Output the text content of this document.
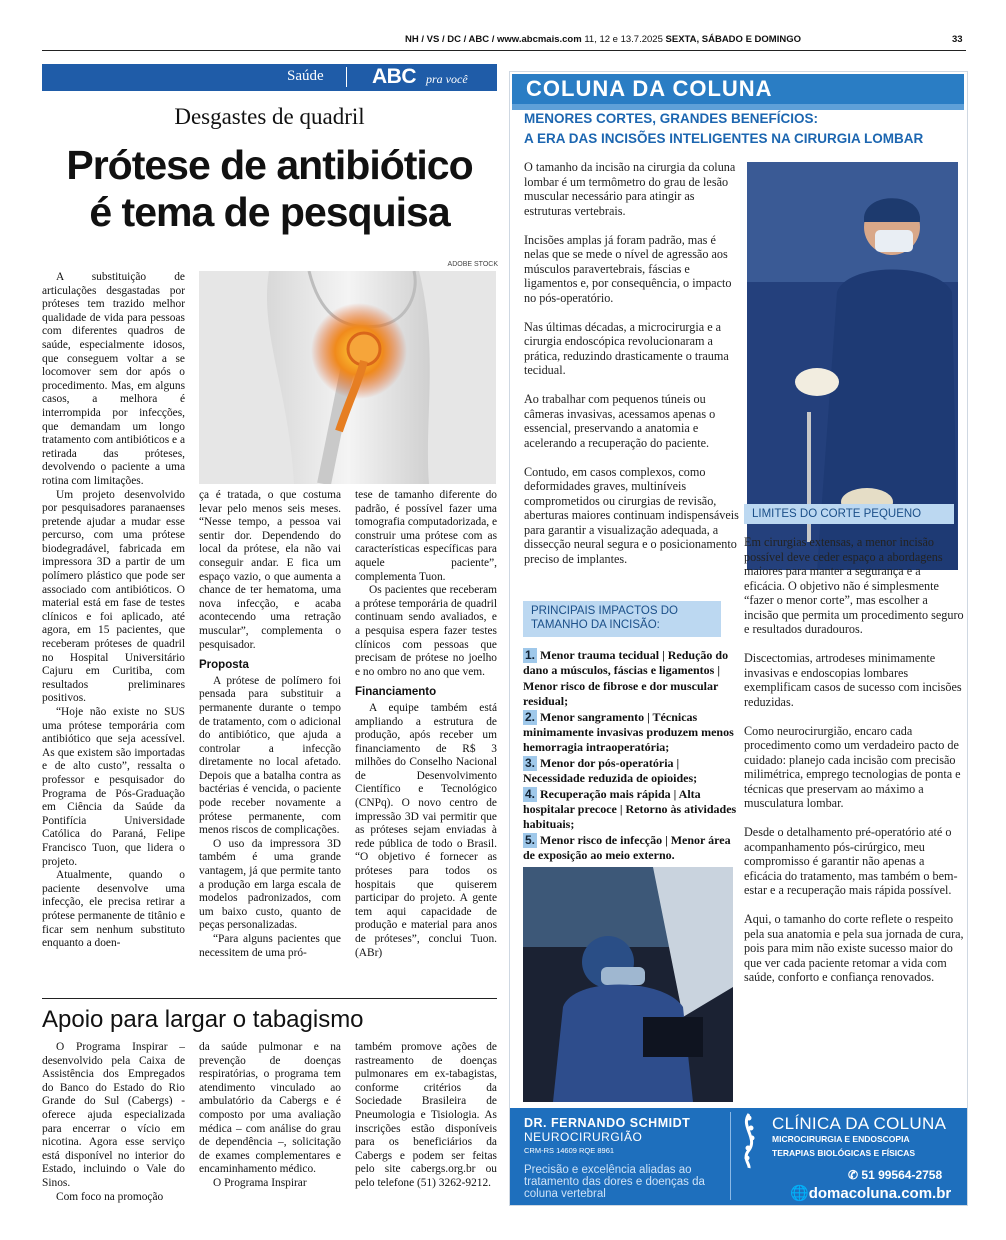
NH / VS / DC / ABC / www.abcmais.com 11, 12 e 13.7.2025 SEXTA, SÁBADO E DOMINGO	33
Saúde ABC pra você
Desgastes de quadril
Prótese de antibiótico
é tema de pesquisa
ADOBE STOCK

A substituição de articulações desgastadas por próteses tem trazido melhor qualidade de vida para pessoas com diferentes quadros de saúde, especialmente idosos, que conseguem voltar a se locomover sem dor após o procedimento. Mas, em alguns casos, a melhora é interrompida por infecções, que demandam um longo tratamento com antibióticos e a retirada das próteses, devolvendo o paciente a uma rotina com limitações.

Um projeto desenvolvido por pesquisadores paranaenses pretende ajudar a mudar esse percurso, com uma prótese biodegradável, fabricada em impressora 3D a partir de um polímero plástico que pode ser associado com antibióticos. O material está em fase de testes clínicos e foi aplicado, até agora, em 15 pacientes, que receberam próteses de quadril no Hospital Universitário Cajuru em Curitiba, com resultados preliminares positivos.

“Hoje não existe no SUS uma prótese temporária com antibiótico que seja acessível. As que existem são importadas e de alto custo”, ressalta o professor e pesquisador do Programa de Pós-Graduação em Ciência da Saúde da Pontifícia Universidade Católica do Paraná, Felipe Francisco Tuon, que lidera o projeto.

Atualmente, quando o paciente desenvolve uma infecção, ele precisa retirar a prótese permanente de titânio e ficar sem nenhum substituto enquanto a doen-

ça é tratada, o que costuma levar pelo menos seis meses. “Nesse tempo, a pessoa vai sentir dor. Dependendo do local da prótese, ela não vai conseguir andar. E fica um espaço vazio, o que aumenta a chance de ter hematoma, uma nova infecção, e acaba acontecendo uma retração muscular”, complementa o pesquisador.

Proposta

A prótese de polímero foi pensada para substituir a permanente durante o tempo de tratamento, com o adicional do antibiótico, que ajuda a controlar a infecção diretamente no local afetado. Depois que a batalha contra as bactérias é vencida, o paciente pode receber novamente a prótese permanente, com menos riscos de complicações.

O uso da impressora 3D também é uma grande vantagem, já que permite tanto a produção em larga escala de modelos padronizados, com um baixo custo, quanto de peças personalizadas.

“Para alguns pacientes que necessitem de uma pró-

tese de tamanho diferente do padrão, é possível fazer uma tomografia computadorizada, e construir uma prótese com as características específicas para aquele paciente”, complementa Tuon.

Os pacientes que receberam a prótese temporária de quadril continuam sendo avaliados, e a pesquisa espera fazer testes clínicos com pessoas que precisam de prótese no joelho e no ombro no ano que vem.

Financiamento

A equipe também está ampliando a estrutura de produção, após receber um financiamento de R$ 3 milhões do Conselho Nacional de Desenvolvimento Científico e Tecnológico (CNPq). O novo centro de impressão 3D vai permitir que as próteses sejam enviadas à rede pública de todo o Brasil. “O objetivo é fornecer as próteses para todos os hospitais que quiserem participar do projeto. A gente tem aqui capacidade de produção e material para anos de próteses”, conclui Tuon. (ABr)

Apoio para largar o tabagismo

O Programa Inspirar – desenvolvido pela Caixa de Assistência dos Empregados do Banco do Estado do Rio Grande do Sul (Cabergs) - oferece ajuda especializada para encerrar o vício em nicotina. Agora esse serviço está disponível no interior do Estado, incluindo o Vale do Sinos.

Com foco na promoção

da saúde pulmonar e na prevenção de doenças respiratórias, o programa tem atendimento vinculado ao ambulatório da Cabergs e é composto por uma avaliação médica – com análise do grau de dependência –, solicitação de exames complementares e encaminhamento médico.

O Programa Inspirar

também promove ações de rastreamento de doenças pulmonares em ex-tabagistas, conforme critérios da Sociedade Brasileira de Pneumologia e Tisiologia. As inscrições estão disponíveis para os beneficiários da Cabergs e podem ser feitas pelo site cabergs.org.br ou pelo telefone (51) 3262-9212.

COLUNA DA COLUNA
MENORES CORTES, GRANDES BENEFÍCIOS:
A ERA DAS INCISÕES INTELIGENTES NA CIRURGIA LOMBAR

O tamanho da incisão na cirurgia da coluna lombar é um termômetro do grau de lesão muscular necessário para atingir as estruturas vertebrais.

Incisões amplas já foram padrão, mas é nelas que se mede o nível de agressão aos músculos paravertebrais, fáscias e ligamentos e, por consequência, o impacto no pós-operatório.

Nas últimas décadas, a microcirurgia e a cirurgia endoscópica revolucionaram a prática, reduzindo drasticamente o trauma tecidual.

Ao trabalhar com pequenos túneis ou câmeras invasivas, acessamos apenas o essencial, preservando a anatomia e acelerando a recuperação do paciente.

Contudo, em casos complexos, como deformidades graves, multiníveis comprometidos ou cirurgias de revisão, aberturas maiores continuam indispensáveis para garantir a visualização adequada, a dissecção neural segura e o posicionamento preciso de implantes.

LIMITES DO CORTE PEQUENO
PRINCIPAIS IMPACTOS DO TAMANHO DA INCISÃO:

1. Menor trauma tecidual | Redução do dano a músculos, fáscias e ligamentos | Menor risco de fibrose e dor muscular residual;

2. Menor sangramento | Técnicas minimamente invasivas produzem menos hemorragia intraoperatória;

3. Menor dor pós-operatória | Necessidade reduzida de opioides;

4. Recuperação mais rápida | Alta hospitalar precoce | Retorno às atividades habituais;

5. Menor risco de infecção | Menor área de exposição ao meio externo.

Em cirurgias extensas, a menor incisão possível deve ceder espaço a abordagens maiores para manter a segurança e a eficácia. O objetivo não é simplesmente “fazer o menor corte”, mas escolher a incisão que permita um procedimento seguro e resultados duradouros.

Discectomias, artrodeses minimamente invasivas e endoscopias lombares exemplificam casos de sucesso com incisões reduzidas.

Como neurocirurgião, encaro cada procedimento como um verdadeiro pacto de cuidado: planejo cada incisão com precisão milimétrica, emprego tecnologias de ponta e técnicas que preservam ao máximo a musculatura lombar.

Desde o detalhamento pré-operatório até o acompanhamento pós-cirúrgico, meu compromisso é garantir não apenas a eficácia do tratamento, mas também o bem-estar e a recuperação mais rápida possível.

Aqui, o tamanho do corte reflete o respeito pela sua anatomia e pela sua jornada de cura, pois para mim não existe sucesso maior do que ver cada paciente retomar a vida com saúde, conforto e confiança renovados.

DR. FERNANDO SCHMIDT
NEUROCIRURGIÃO
CRM-RS 14609 RQE 8961
Precisão e excelência aliadas ao tratamento das dores e doenças da coluna vertebral
CLÍNICA DA COLUNA
MICROCIRURGIA E ENDOSCOPIA
TERAPIAS BIOLÓGICAS E FÍSICAS
✆ 51 99564-2758
🌐domacoluna.com.br
